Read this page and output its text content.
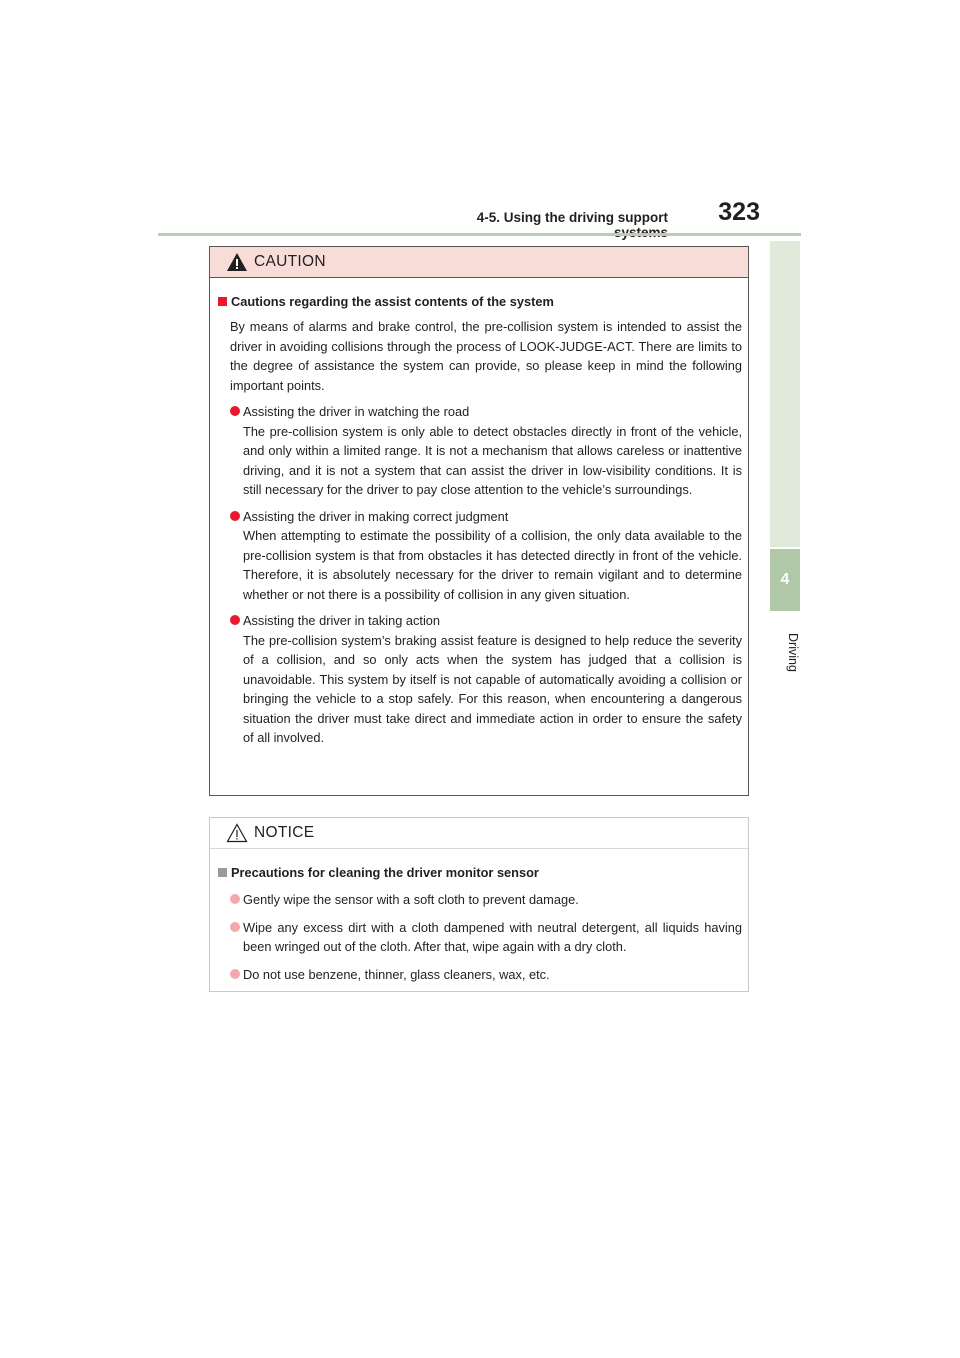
4-5. Using the driving support	323
4
Driving
CAUTION
Cautions regarding the assist contents of the system
By means of alarms and brake control, the pre-collision system is intended to assist the driver in avoiding collisions through the process of LOOK-JUDGE-ACT. There are limits to the degree of assistance the system can provide, so please keep in mind the following important points.
Assisting the driver in watching the road
The pre-collision system is only able to detect obstacles directly in front of the vehicle, and only within a limited range. It is not a mechanism that allows careless or inattentive driving, and it is not a system that can assist the driver in low-visibility conditions. It is still necessary for the driver to pay close attention to the vehicle’s surroundings.
Assisting the driver in making correct judgment
When attempting to estimate the possibility of a collision, the only data available to the pre-collision system is that from obstacles it has detected directly in front of the vehicle. Therefore, it is absolutely necessary for the driver to remain vigilant and to determine whether or not there is a possibility of collision in any given situation.
Assisting the driver in taking action
The pre-collision system’s braking assist feature is designed to help reduce the severity of a collision, and so only acts when the system has judged that a collision is unavoidable. This system by itself is not capable of automatically avoiding a collision or bringing the vehicle to a stop safely. For this reason, when encountering a dangerous situation the driver must take direct and immediate action in order to ensure the safety of all involved.
NOTICE
Precautions for cleaning the driver monitor sensor
Gently wipe the sensor with a soft cloth to prevent damage.
Wipe any excess dirt with a cloth dampened with neutral detergent, all liquids having been wringed out of the cloth. After that, wipe again with a dry cloth.
Do not use benzene, thinner, glass cleaners, wax, etc.
